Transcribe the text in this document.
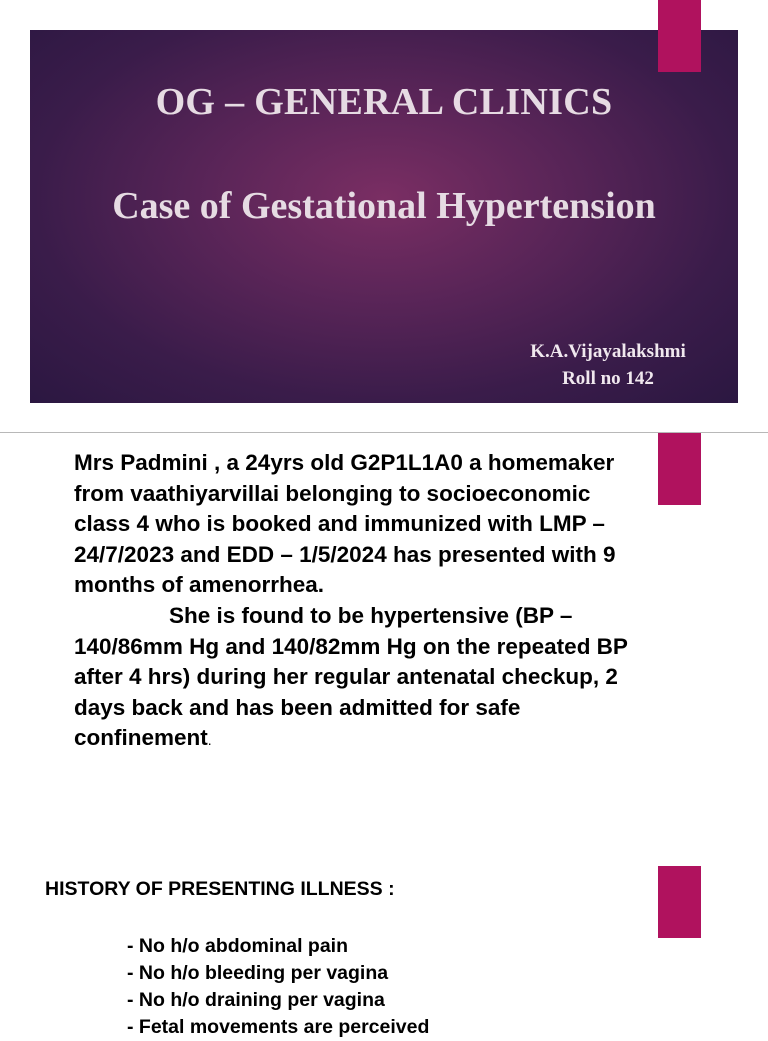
OG – GENERAL CLINICS
Case of Gestational Hypertension
K.A.Vijayalakshmi
Roll no 142

Mrs Padmini , a 24yrs old G2P1L1A0 a homemaker from vaathiyarvillai belonging to socioeconomic class 4 who is booked and immunized with LMP – 24/7/2023 and EDD – 1/5/2024 has presented with 9 months of amenorrhea.

She is found to be hypertensive (BP – 140/86mm Hg and 140/82mm Hg on the repeated BP after 4 hrs) during her regular antenatal checkup, 2 days back and has been admitted for safe confinement.

HISTORY OF PRESENTING ILLNESS :
- No h/o abdominal pain
- No h/o bleeding per vagina
- No h/o draining per vagina
- Fetal movements are perceived
